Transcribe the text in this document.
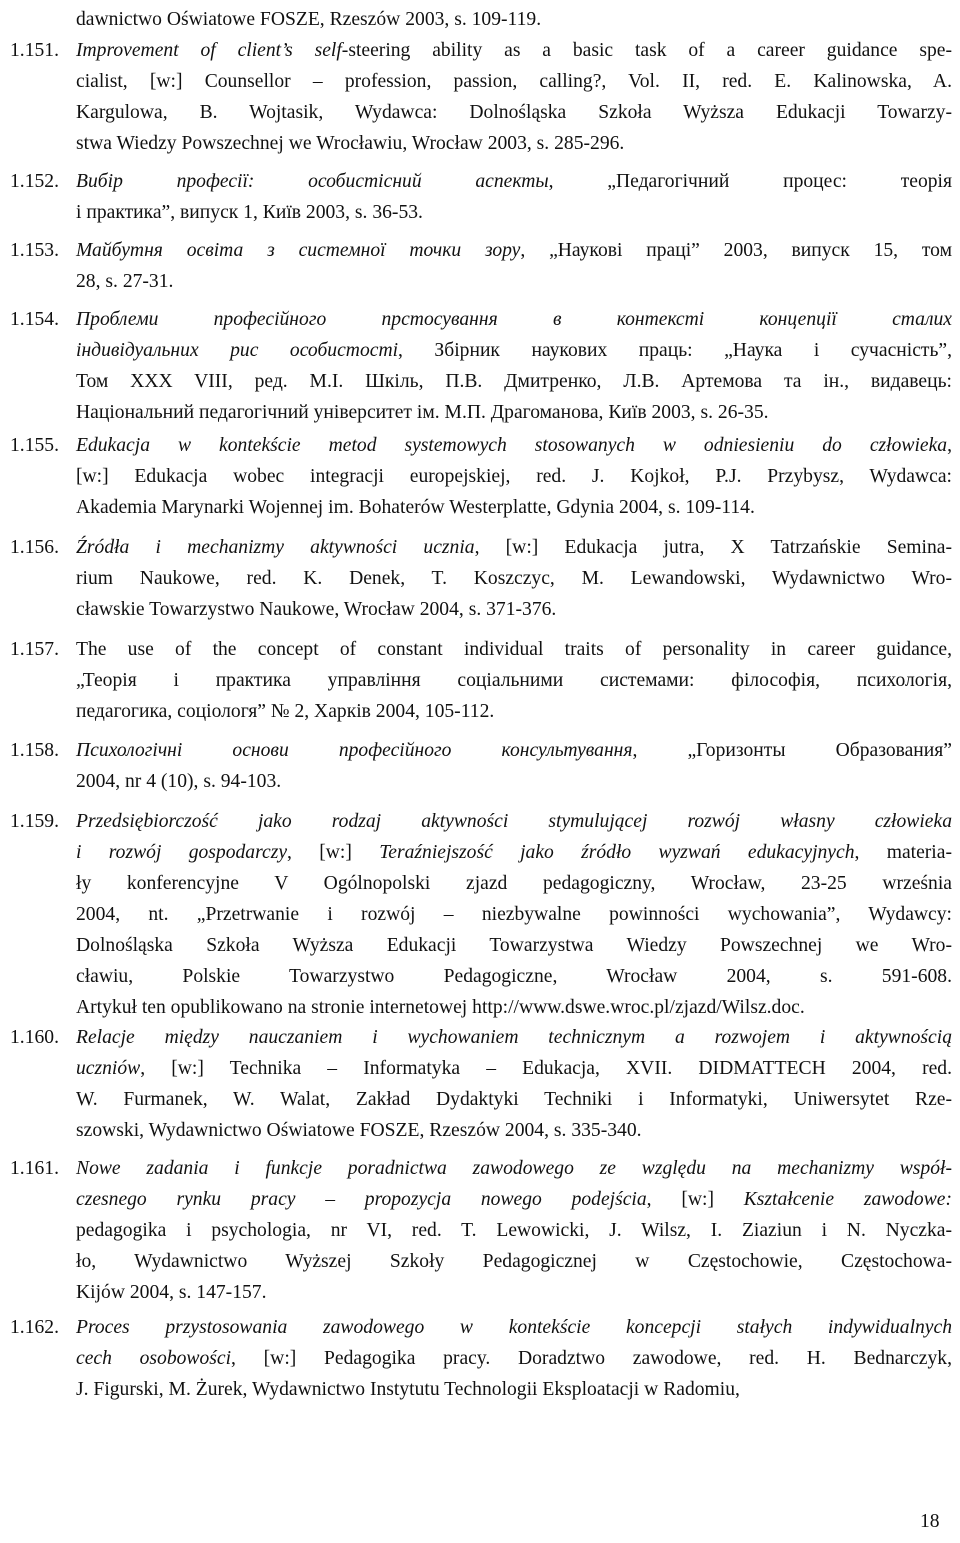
dawnictwo Oświatowe FOSZE, Rzeszów 2003, s. 109-119.
1.151. Improvement of client’s self-steering ability as a basic task of a career guidance spe-
cialist, [w:] Counsellor – profession, passion, calling?, Vol. II, red. E. Kalinowska, A.
Kargulowa, B. Wojtasik, Wydawca: Dolnośląska Szkoła Wyższa Edukacji Towarzy-
stwa Wiedzy Powszechnej we Wrocławiu, Wrocław 2003, s. 285-296.
1.152. Вибір професії: особистісний аспекты, „Педагогічний процес: теорія
і практика”, випуск 1, Київ 2003, s. 36-53.
1.153. Майбутня освіта з системної точки зору, „Наукові праці” 2003, випуск 15, том
28, s. 27-31.
1.154. Проблеми професійного прстосування в контексті концепції сталих
індивідуальних рис особистості, Збірник наукових праць: „Наука і сучасність”,
Том XXX VIII, ред. М.І. Шкіль, П.В. Дмитренко, Л.В. Артемова та ін., видавець:
Національний педагогічний університет ім. М.П. Драгоманова, Київ 2003, s. 26-35.
1.155. Edukacja w kontekście metod systemowych stosowanych w odniesieniu do człowieka,
[w:] Edukacja wobec integracji europejskiej, red. J. Kojkoł, P.J. Przybysz, Wydawca:
Akademia Marynarki Wojennej im. Bohaterów Westerplatte, Gdynia 2004, s. 109-114.
1.156. Źródła i mechanizmy aktywności ucznia, [w:] Edukacja jutra, X Tatrzańskie Semina-
rium Naukowe, red. K. Denek, T. Koszczyc, M. Lewandowski, Wydawnictwo Wro-
cławskie Towarzystwo Naukowe, Wrocław 2004, s. 371-376.
1.157. The use of the concept of constant individual traits of personality in career guidance,
„Теорія і практика управління соціальними системами: філософія, психологія,
педагогика, соціологя” № 2, Харків 2004, 105-112.
1.158. Психологічні основи професійного консультування, „Горизонты Образования”
2004, nr 4 (10), s. 94-103.
1.159. Przedsiębiorczość jako rodzaj aktywności stymulującej rozwój własny człowieka
i rozwój gospodarczy, [w:] Teraźniejszość jako źródło wyzwań edukacyjnych, materia-
ły konferencyjne V Ogólnopolski zjazd pedagogiczny, Wrocław, 23-25 września
2004, nt. „Przetrwanie i rozwój – niezbywalne powinności wychowania”, Wydawcy:
Dolnośląska Szkoła Wyższa Edukacji Towarzystwa Wiedzy Powszechnej we Wro-
cławiu, Polskie Towarzystwo Pedagogiczne, Wrocław 2004, s. 591-608.
Artykuł ten opublikowano na stronie internetowej http://www.dswe.wroc.pl/zjazd/Wilsz.doc.
1.160. Relacje między nauczaniem i wychowaniem technicznym a rozwojem i aktywnością
uczniów, [w:] Technika – Informatyka – Edukacja, XVII. DIDMATTECH 2004, red.
W. Furmanek, W. Walat, Zakład Dydaktyki Techniki i Informatyki, Uniwersytet Rze-
szowski, Wydawnictwo Oświatowe FOSZE, Rzeszów 2004, s. 335-340.
1.161. Nowe zadania i funkcje poradnictwa zawodowego ze względu na mechanizmy współ-
czesnego rynku pracy – propozycja nowego podejścia, [w:] Kształcenie zawodowe:
pedagogika i psychologia, nr VI, red. T. Lewowicki, J. Wilsz, I. Ziaziun i N. Nyczka-
ło, Wydawnictwo Wyższej Szkoły Pedagogicznej w Częstochowie, Częstochowa-
Kijów 2004, s. 147-157.
1.162. Proces przystosowania zawodowego w kontekście koncepcji stałych indywidualnych
cech osobowości, [w:] Pedagogika pracy. Doradztwo zawodowe, red. H. Bednarczyk,
J. Figurski, M. Żurek, Wydawnictwo Instytutu Technologii Eksploatacji w Radomiu,
18
